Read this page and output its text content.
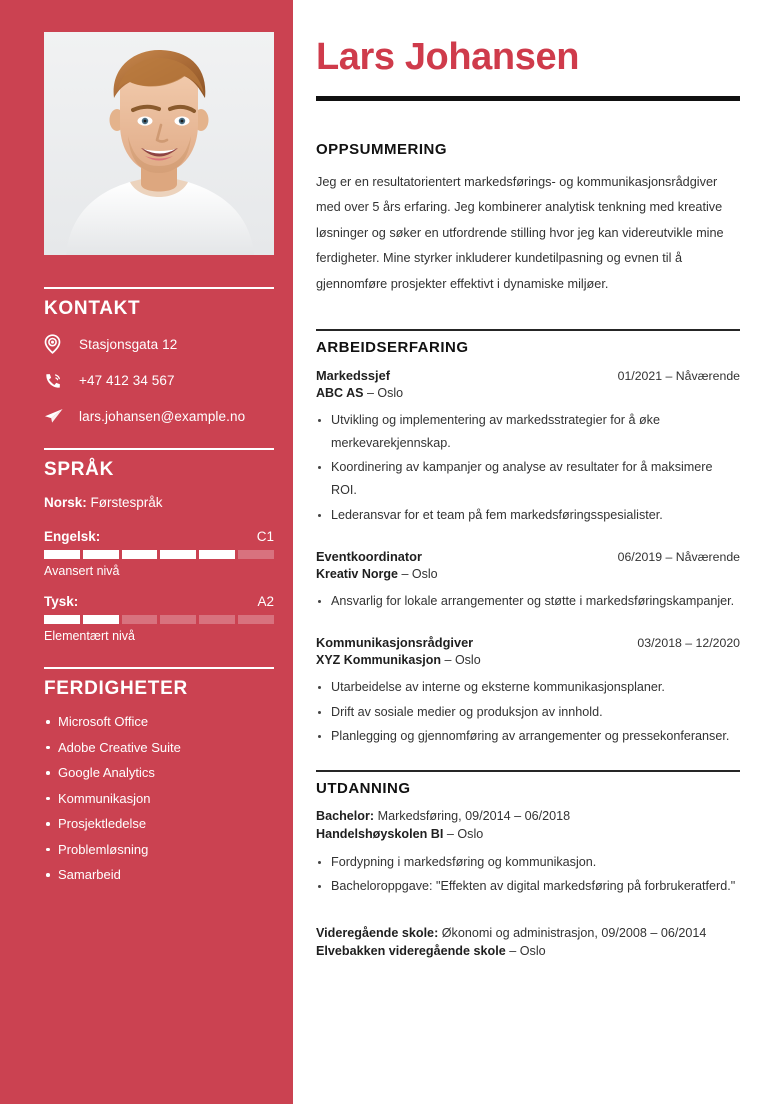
KONTAKT
Stasjonsgata 12
+47 412 34 567
lars.johansen@example.no
SPRÅK
Norsk: Førstespråk
Engelsk:	C1
Avansert nivå
Tysk:	A2
Elementært nivå
FERDIGHETER
Microsoft Office
Adobe Creative Suite
Google Analytics
Kommunikasjon
Prosjektledelse
Problemløsning
Samarbeid
Lars Johansen
OPPSUMMERING

Jeg er en resultatorientert markedsførings- og kommunikasjonsrådgiver med over 5 års erfaring. Jeg kombinerer analytisk tenkning med kreative løsninger og søker en utfordrende stilling hvor jeg kan videreutvikle mine ferdigheter. Mine styrker inkluderer kundetilpasning og evnen til å gjennomføre prosjekter effektivt i dynamiske miljøer.

ARBEIDSERFARING
Markedssjef	01/2021 – Nåværende
ABC AS – Oslo
Utvikling og implementering av markedsstrategier for å øke merkevarekjennskap.
Koordinering av kampanjer og analyse av resultater for å maksimere ROI.
Lederansvar for et team på fem markedsføringsspesialister.
Eventkoordinator	06/2019 – Nåværende
Kreativ Norge – Oslo
Ansvarlig for lokale arrangementer og støtte i markedsføringskampanjer.
Kommunikasjonsrådgiver	03/2018 – 12/2020
XYZ Kommunikasjon – Oslo
Utarbeidelse av interne og eksterne kommunikasjonsplaner.
Drift av sosiale medier og produksjon av innhold.
Planlegging og gjennomføring av arrangementer og pressekonferanser.
UTDANNING
Bachelor: Markedsføring, 09/2014 – 06/2018
Handelshøyskolen BI – Oslo
Fordypning i markedsføring og kommunikasjon.
Bacheloroppgave: "Effekten av digital markedsføring på forbrukeratferd."
Videregående skole: Økonomi og administrasjon, 09/2008 – 06/2014
Elvebakken videregående skole – Oslo
